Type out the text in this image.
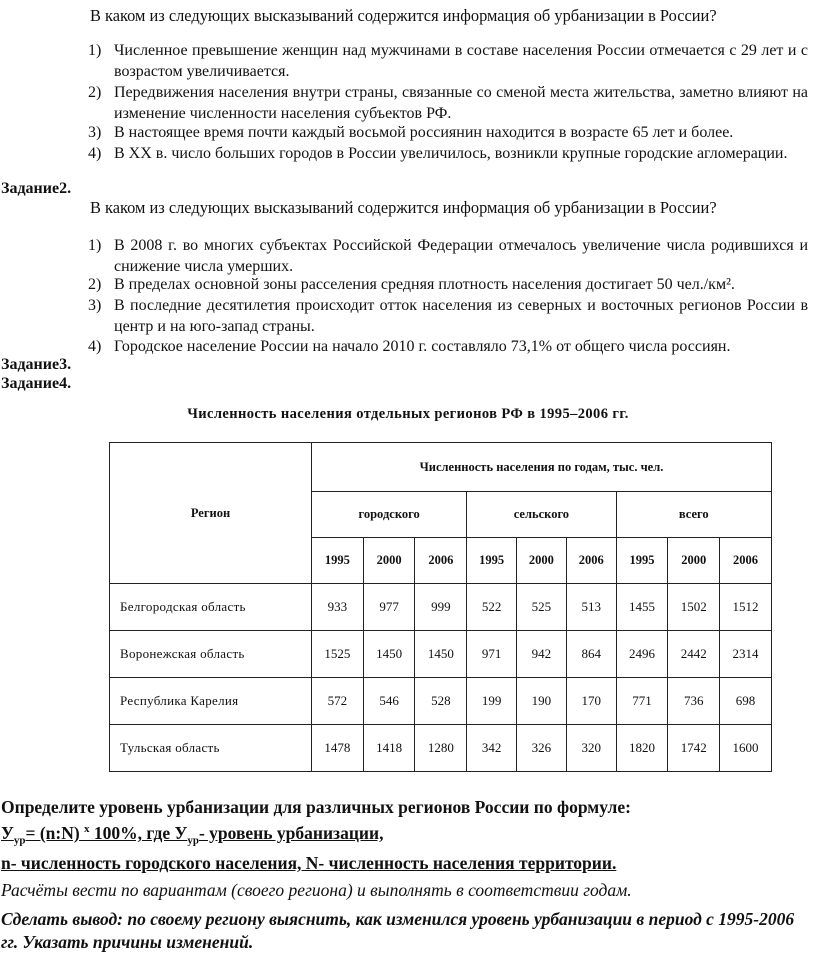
В каком из следующих высказываний содержится информация об урбанизации в России?
1) Численное превышение женщин над мужчинами в составе населения России отмечается с 29 лет и с возрастом увеличивается.
2) Передвижения населения внутри страны, связанные со сменой места жительства, заметно влияют на изменение численности населения субъектов РФ.
3) В настоящее время почти каждый восьмой россиянин находится в возрасте 65 лет и более.
4) В XX в. число больших городов в России увеличилось, возникли крупные городские агломерации.
Задание2.
В каком из следующих высказываний содержится информация об урбанизации в России?
1) В 2008 г. во многих субъектах Российской Федерации отмечалось увеличение числа родившихся и снижение числа умерших.
2) В пределах основной зоны расселения средняя плотность населения достигает 50 чел./км².
3) В последние десятилетия происходит отток населения из северных и восточных регионов России в центр и на юго-запад страны.
4) Городское население России на начало 2010 г. составляло 73,1% от общего числа россиян.
Задание3.
Задание4.
Численность населения отдельных регионов РФ в 1995–2006 гг.
Регион	Численность населения по годам, тыс. чел.								
	городского			сельского			всего		
	1995	2000	2006	1995	2000	2006	1995	2000	2006
Белгородская область	933	977	999	522	525	513	1455	1502	1512
Воронежская область	1525	1450	1450	971	942	864	2496	2442	2314
Республика Карелия	572	546	528	199	190	170	771	736	698
Тульская область	1478	1418	1280	342	326	320	1820	1742	1600
Определите уровень урбанизации для различных регионов России по формуле:
$У_{ур}=$ (n:N) $^х$ 100%, где $У_{ур}-$ уровень урбанизации,
n- численность городского населения, N- численность населения территории.
Расчёты вести по вариантам (своего региона) и выполнять в соответствии годам.
Сделать вывод: по своему региону выяснить, как изменился уровень урбанизации в период с 1995-2006 гг. Указать причины изменений.
